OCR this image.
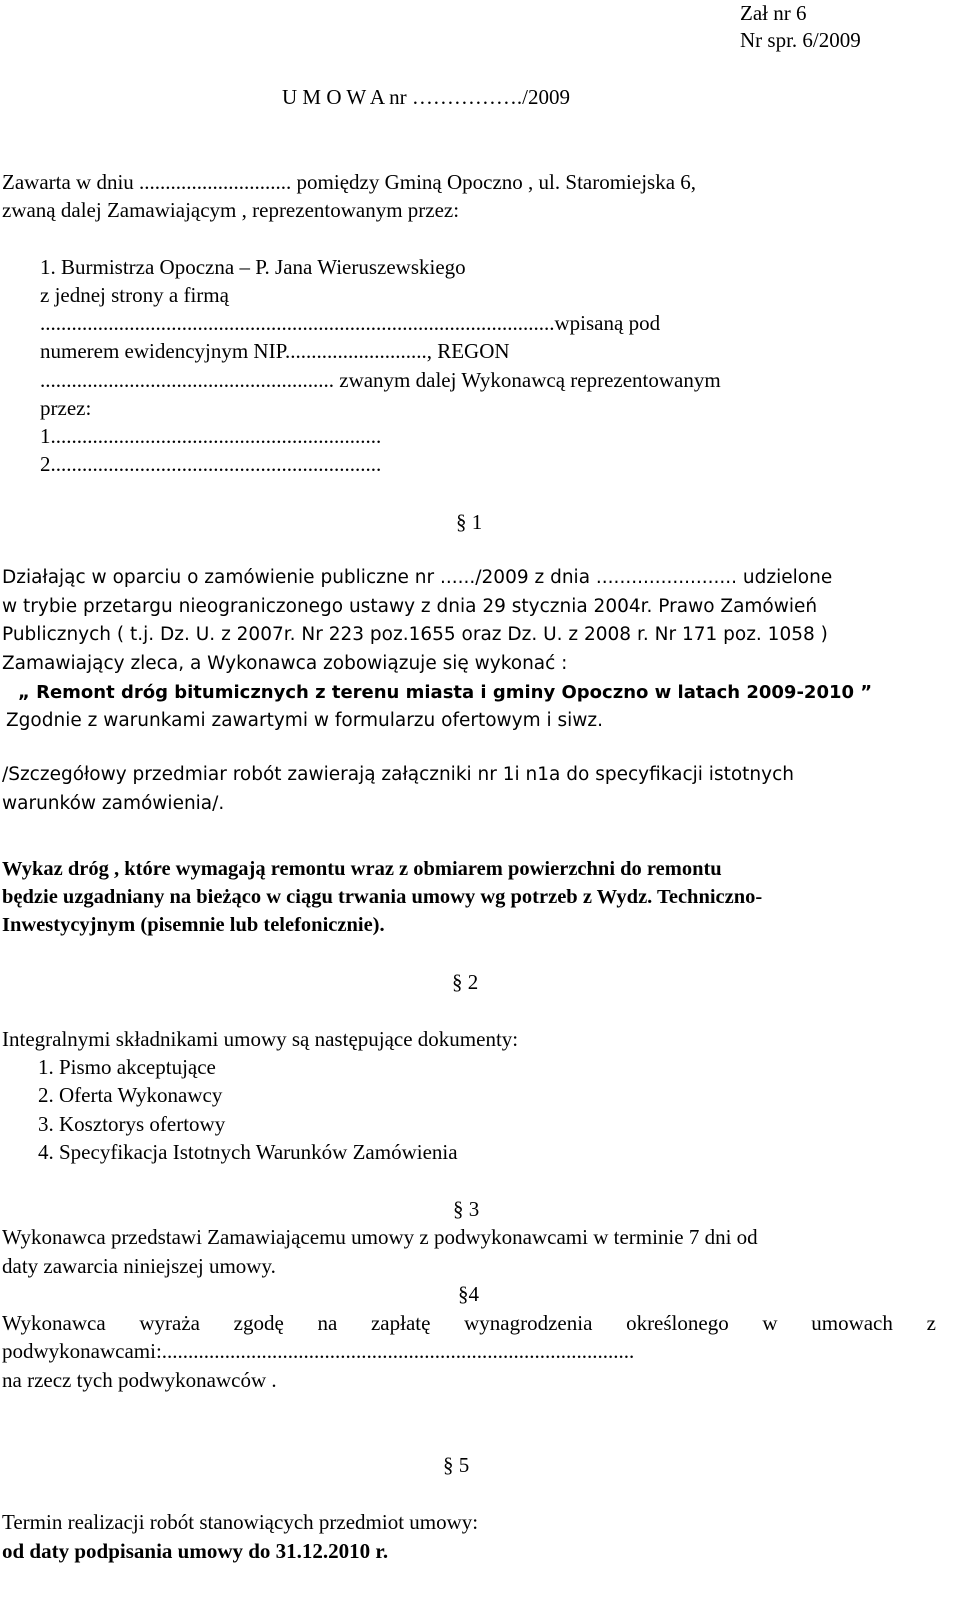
Zał nr 6
Nr spr. 6/2009
U M O W A nr ……………./2009
Zawarta w dniu ............................. pomiędzy Gminą Opoczno , ul. Staromiejska 6,
zwaną dalej Zamawiającym , reprezentowanym przez:
1. Burmistrza Opoczna – P. Jana Wieruszewskiego
z jednej strony a firmą
..................................................................................................wpisaną pod
numerem ewidencyjnym NIP..........................., REGON
........................................................ zwanym dalej Wykonawcą reprezentowanym
przez:
1...............................................................
2...............................................................
§ 1
Działając w oparciu o zamówienie publiczne nr ....../2009 z dnia ........................ udzielone
w trybie przetargu nieograniczonego ustawy z dnia 29 stycznia 2004r. Prawo Zamówień
Publicznych ( t.j. Dz. U. z 2007r. Nr 223 poz.1655 oraz Dz. U. z 2008 r. Nr 171 poz. 1058 )
Zamawiający zleca, a Wykonawca zobowiązuje się wykonać :
„ Remont dróg bitumicznych z terenu miasta i gminy Opoczno w latach 2009-2010 ”
Zgodnie z warunkami zawartymi w formularzu ofertowym i siwz.
/Szczegółowy przedmiar robót zawierają załączniki nr 1i n1a do specyfikacji istotnych
warunków zamówienia/.
Wykaz dróg , które wymagają remontu wraz z obmiarem powierzchni do remontu
będzie uzgadniany na bieżąco w ciągu trwania umowy wg potrzeb z Wydz. Techniczno-
Inwestycyjnym (pisemnie lub telefonicznie).
§ 2
Integralnymi składnikami umowy są następujące dokumenty:
1. Pismo akceptujące
2. Oferta Wykonawcy
3. Kosztorys ofertowy
4. Specyfikacja Istotnych Warunków Zamówienia
§ 3
Wykonawca przedstawi Zamawiającemu umowy z podwykonawcami w terminie 7 dni od
daty zawarcia niniejszej umowy.
§4
Wykonawca wyraża zgodę na zapłatę wynagrodzenia określonego w umowach z
podwykonawcami:..........................................................................................
na rzecz tych podwykonawców .
§ 5
Termin realizacji robót stanowiących przedmiot umowy:
od daty podpisania umowy do 31.12.2010 r.
